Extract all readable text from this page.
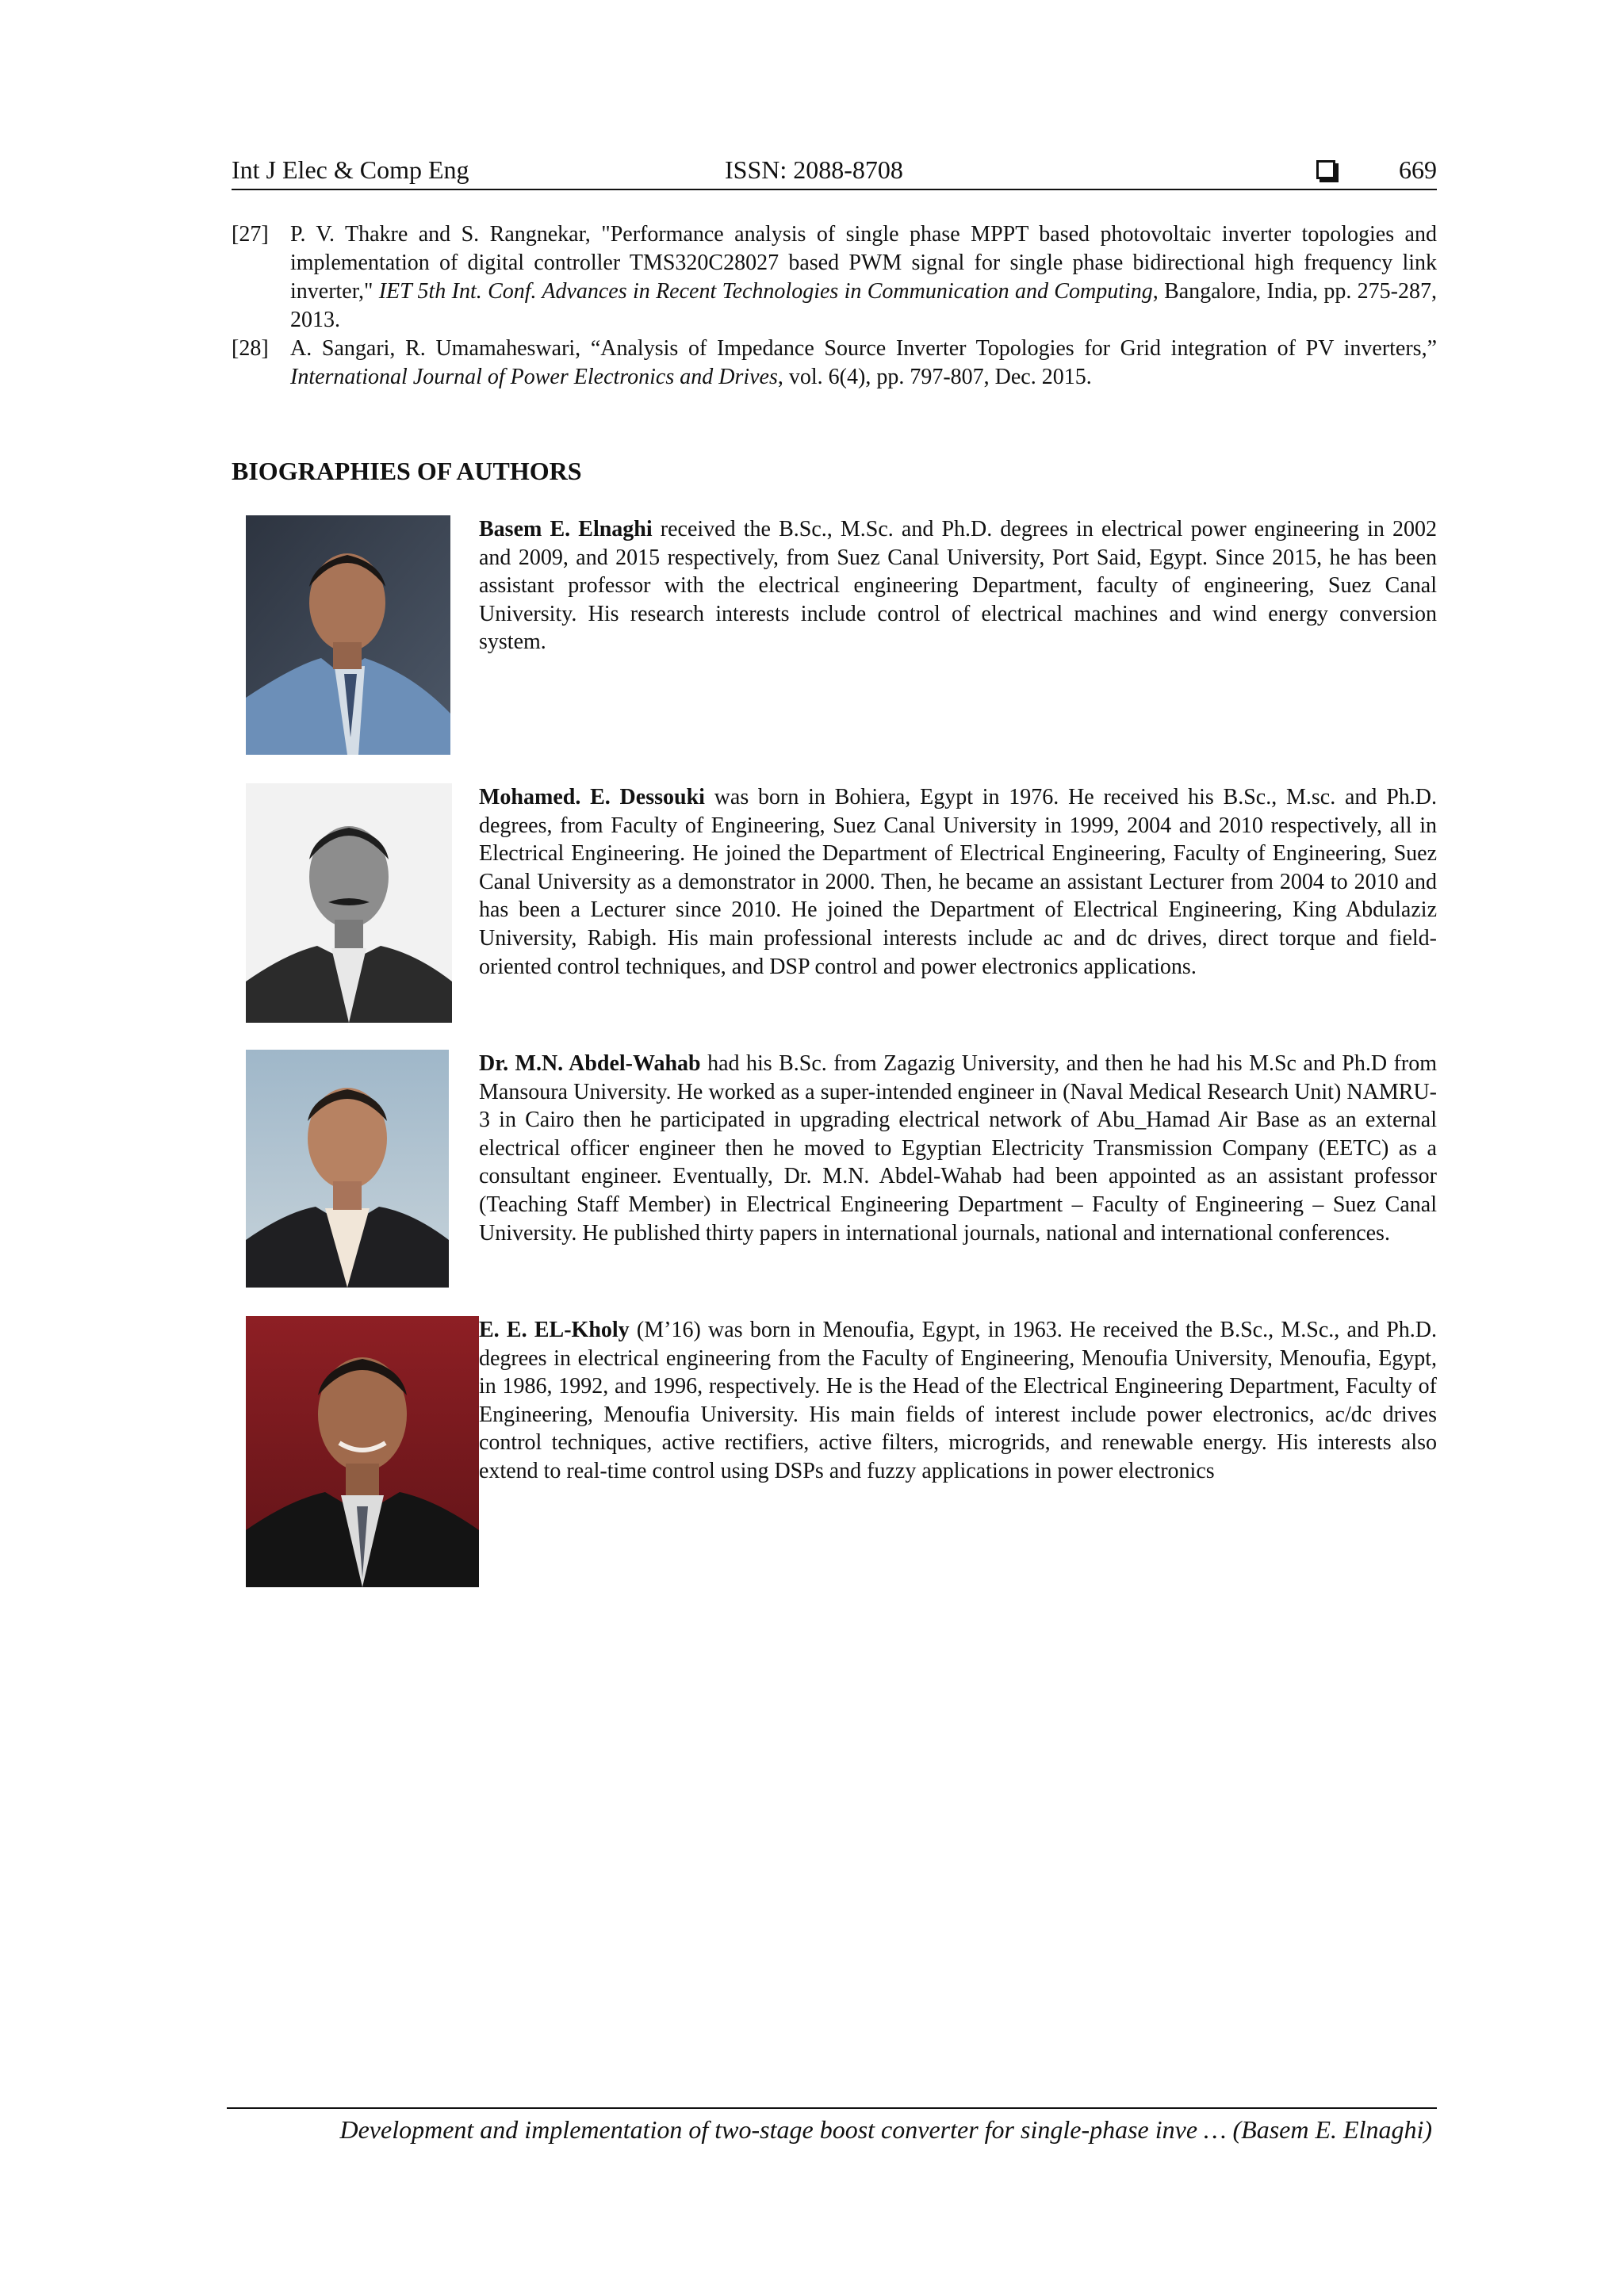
Int J Elec & Comp Eng	ISSN: 2088-8708	669

[27] P. V. Thakre and S. Rangnekar, "Performance analysis of single phase MPPT based photovoltaic inverter topologies and implementation of digital controller TMS320C28027 based PWM signal for single phase bidirectional high frequency link inverter," IET 5th Int. Conf. Advances in Recent Technologies in Communication and Computing, Bangalore, India, pp. 275-287, 2013.

[28] A. Sangari, R. Umamaheswari, “Analysis of Impedance Source Inverter Topologies for Grid integration of PV inverters,” International Journal of Power Electronics and Drives, vol. 6(4), pp. 797-807, Dec. 2015.

BIOGRAPHIES OF AUTHORS

Basem E. Elnaghi received the B.Sc., M.Sc. and Ph.D. degrees in electrical power engineering in 2002 and 2009, and 2015 respectively, from Suez Canal University, Port Said, Egypt. Since 2015, he has been assistant professor with the electrical engineering Department, faculty of engineering, Suez Canal University. His research interests include control of electrical machines and wind energy conversion system.

Mohamed. E. Dessouki was born in Bohiera, Egypt in 1976. He received his B.Sc., M.sc. and Ph.D. degrees, from Faculty of Engineering, Suez Canal University in 1999, 2004 and 2010 respectively, all in Electrical Engineering. He joined the Department of Electrical Engineering, Faculty of Engineering, Suez Canal University as a demonstrator in 2000. Then, he became an assistant Lecturer from 2004 to 2010 and has been a Lecturer since 2010. He joined the Department of Electrical Engineering, King Abdulaziz University, Rabigh. His main professional interests include ac and dc drives, direct torque and field-oriented control techniques, and DSP control and power electronics applications.

Dr. M.N. Abdel-Wahab had his B.Sc. from Zagazig University, and then he had his M.Sc and Ph.D from Mansoura University. He worked as a super-intended engineer in (Naval Medical Research Unit) NAMRU-3 in Cairo then he participated in upgrading electrical network of Abu_Hamad Air Base as an external electrical officer engineer then he moved to Egyptian Electricity Transmission Company (EETC) as a consultant engineer. Eventually, Dr. M.N. Abdel-Wahab had been appointed as an assistant professor (Teaching Staff Member) in Electrical Engineering Department – Faculty of Engineering – Suez Canal University. He published thirty papers in international journals, national and international conferences.

E. E. EL-Kholy (M’16) was born in Menoufia, Egypt, in 1963. He received the B.Sc., M.Sc., and Ph.D. degrees in electrical engineering from the Faculty of Engineering, Menoufia University, Menoufia, Egypt, in 1986, 1992, and 1996, respectively. He is the Head of the Electrical Engineering Department, Faculty of Engineering, Menoufia University. His main fields of interest include power electronics, ac/dc drives control techniques, active rectifiers, active filters, microgrids, and renewable energy. His interests also extend to real-time control using DSPs and fuzzy applications in power electronics

Development and implementation of two-stage boost converter for single-phase inve … (Basem E. Elnaghi)
